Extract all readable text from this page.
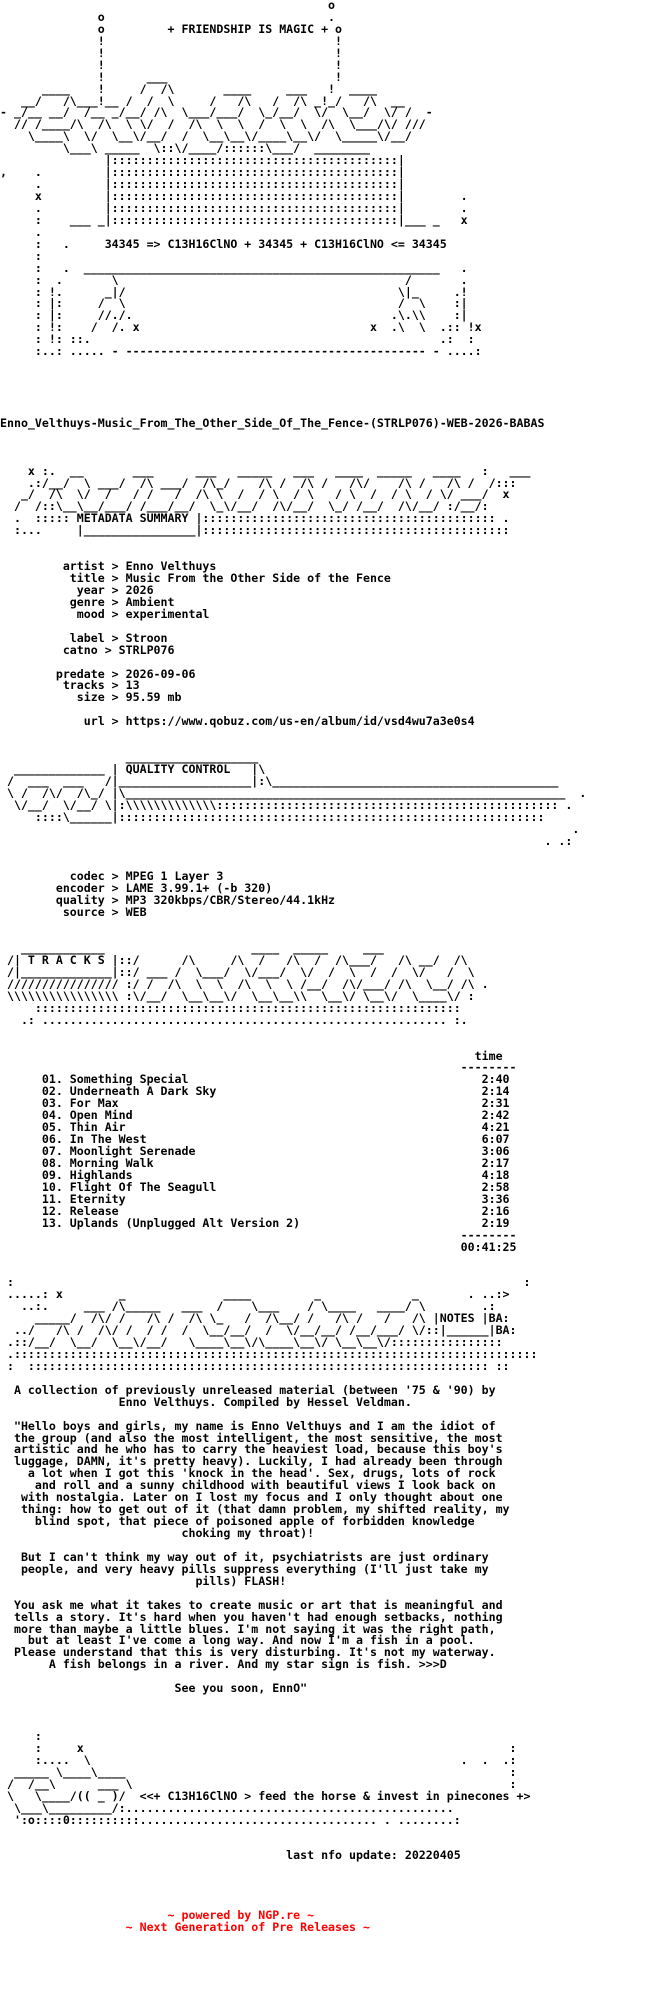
o
o                                .
o         + FRIENDSHIP IS MAGIC + o
!                                 !
!                                 !
!                                 !
!      ___                        !
____    !     /  /\       ____     ___   !  ____
__/   /\___!__ /  /  \     /   /\   /  /\ _!_/   /\  __
- _/__ __/  /__ _/__/ /\  \___/___/  \_/__/  \/  \__/  \/ /  -
// /____/\  /\  \ \/  /  /\  \  \  /  \  \  /\  \___/\/ ///
\____\  \/  \__\/__/  /  \__\__\/____\__\/  \_____\/__/
\___\ _____  \::\/____/::::::\___/  ________
|:::::::::::::::::::::::::::::::::::::::::|
,    .         |:::::::::::::::::::::::::::::::::::::::::|
.         |:::::::::::::::::::::::::::::::::::::::::|
x         |:::::::::::::::::::::::::::::::::::::::::|        .
.         |:::::::::::::::::::::::::::::::::::::::::|        .
:    ___ _|:::::::::::::::::::::::::::::::::::::::::|___ _   x
.
:   .     34345 => C13H16ClNO + 34345 + C13H16ClNO <= 34345
:
:   .  ___________________________________________________   .
:  .       \                                         /       .
: !.      _|/                                       \|_     .!
: |:     /  \                                       /  \    :|
: |:     //./.                                     .\.\\    :|
: !:    /  /. x                                 x  .\  \  .:: !x
: !: ::.                                                  .:  :
:..: ..... - ------------------------------------------- - ....:
Enno_Velthuys-Music_From_The_Other_Side_Of_The_Fence-(STRLP076)-WEB-2026-BABAS
x :.  __       ___      ___   _____   ___   ____  _____   ____   :   ___
.:/__/  \ ___/  /\ ___/  /\_/    /\ /  /\ /   /\/    /\ /   /\ /  /:::
_/  /\  \/  /   / /   /  /\ \  /  / \  / \   / \  /  / \  / \/ ___/  x
/  /::\__\__/___/ /___/__/  \_\/__/  /\/__/  \_/ /__/  /\/__/ :/__/:
.  ::::: METADATA SUMMARY |:::::::::::::::::::::::::::::::::::::::::: .
:...     |________________|::::::::::::::::::::::::::::::::::::::::::::
artist > Enno Velthuys
title > Music From the Other Side of the Fence
year > 2026
genre > Ambient
mood > experimental
label > Stroon
catno > STRLP076
predate > 2026-09-06
tracks > 13
size > 95.59 mb
url > https://www.qobuz.com/us-en/album/id/vsd4wu7a3e0s4
___________________
_____________ | QUALITY CONTROL   |\
/  ___  ___   /|___________________|:\_________________________________________
\ /  /\/  /\_/ |\_______________________________________________________________  .
\/__/  \/__/ \|:\\\\\\\\\\\\\::::::::::::::::::::::::::::::::::::::::::::::::: .
::::\______|:::::::::::::::::::::::::::::::::::::::::::::::::::::::::::::
.
. .:
codec > MPEG 1 Layer 3
encoder > LAME 3.99.1+ (-b 320)
quality > MP3 320kbps/CBR/Stereo/44.1kHz
source > WEB
____________                     ____  _____     ___
/| T R A C K S |::/      /\     /\  /   /\  /  /\___/   /\ __/  /\
/|_____________|::/ ___ /  \___/  \/___/  \/  /  \  /  /  \/   /  \
//////////////// :/ /  /\  \  \  /\  \  \ /__/  /\/___/ /\  \__/ /\ .
\\\\\\\\\\\\\\\\ :\/__/  \__\__\/  \__\__\\  \__\/ \__\/  \____\/ :
:::::::::::::::::::::::::::::::::::::::::::::::::::::::::::::
.: .......................................................... :.
time
--------
01. Something Special                                          2:40
02. Underneath A Dark Sky                                      2:14
03. For Max                                                    2:31
04. Open Mind                                                  2:42
05. Thin Air                                                   4:21
06. In The West                                                6:07
07. Moonlight Serenade                                         3:06
08. Morning Walk                                               2:17
09. Highlands                                                  4:18
10. Flight Of The Seagull                                      2:58
11. Eternity                                                   3:36
12. Release                                                    2:16
13. Uplands (Unplugged Alt Version 2)                          2:19
--------
00:41:25
:                                                                         :
.....: x        _              ____         _             _       . ..:>
..:.     ___ /\_____   ___  /    \___    / \____   ____/ \        .:
_____/  /\/ /   /\ /  /\ \_   /  /\__/ /   /\ /   /   /\ |NOTES |BA:
../   /\ /  /\/ /  / /  /  \__/__/  /  \/__/__/ /__/___/ \/::|______|BA:
.::/__/  \__/  \__\/__/   \____\__\/\____\__\/ \__\__\/::::::::::::::::
.:::::::::::::::::::::::::::::::::::::::::::::::::::::::::::::::::::::::::::
:  :::::::::::::::::::::::::::::::::::::::::::::::::::::::::::::::::: ::
A collection of previously unreleased material (between '75 & '90) by
Enno Velthuys. Compiled by Hessel Veldman.
"Hello boys and girls, my name is Enno Velthuys and I am the idiot of
the group (and also the most intelligent, the most sensitive, the most
artistic and he who has to carry the heaviest load, because this boy's
luggage, DAMN, it's pretty heavy). Luckily, I had already been through
a lot when I got this 'knock in the head'. Sex, drugs, lots of rock
and roll and a sunny childhood with beautiful views I look back on
with nostalgia. Later on I lost my focus and I only thought about one
thing: how to get out of it (that damn problem, my shifted reality, my
blind spot, that piece of poisoned apple of forbidden knowledge
choking my throat)!
But I can't think my way out of it, psychiatrists are just ordinary
people, and very heavy pills suppress everything (I'll just take my
pills) FLASH!
You ask me what it takes to create music or art that is meaningful and
tells a story. It's hard when you haven't had enough setbacks, nothing
more than maybe a little blues. I'm not saying it was the right path,
but at least I've come a long way. And now I'm a fish in a pool.
Please understand that this is very disturbing. It's not my waterway.
A fish belongs in a river. And my star sign is fish. >>>D
See you soon, EnnO"
:
:     x                                                             :
:....  \                                                     .  .  .:
_____ \____\____                                                       :
/  /__\      ___ \                                                      :
\   \____/(( _ )/  <<+ C13H16ClNO > feed the horse & invest in pinecones +>
\___\_________/:...............................................
':o::::0::::::::::.................................. . ........:
last nfo update: 20220405
~ powered by NGP.re ~
~ Next Generation of Pre Releases ~
